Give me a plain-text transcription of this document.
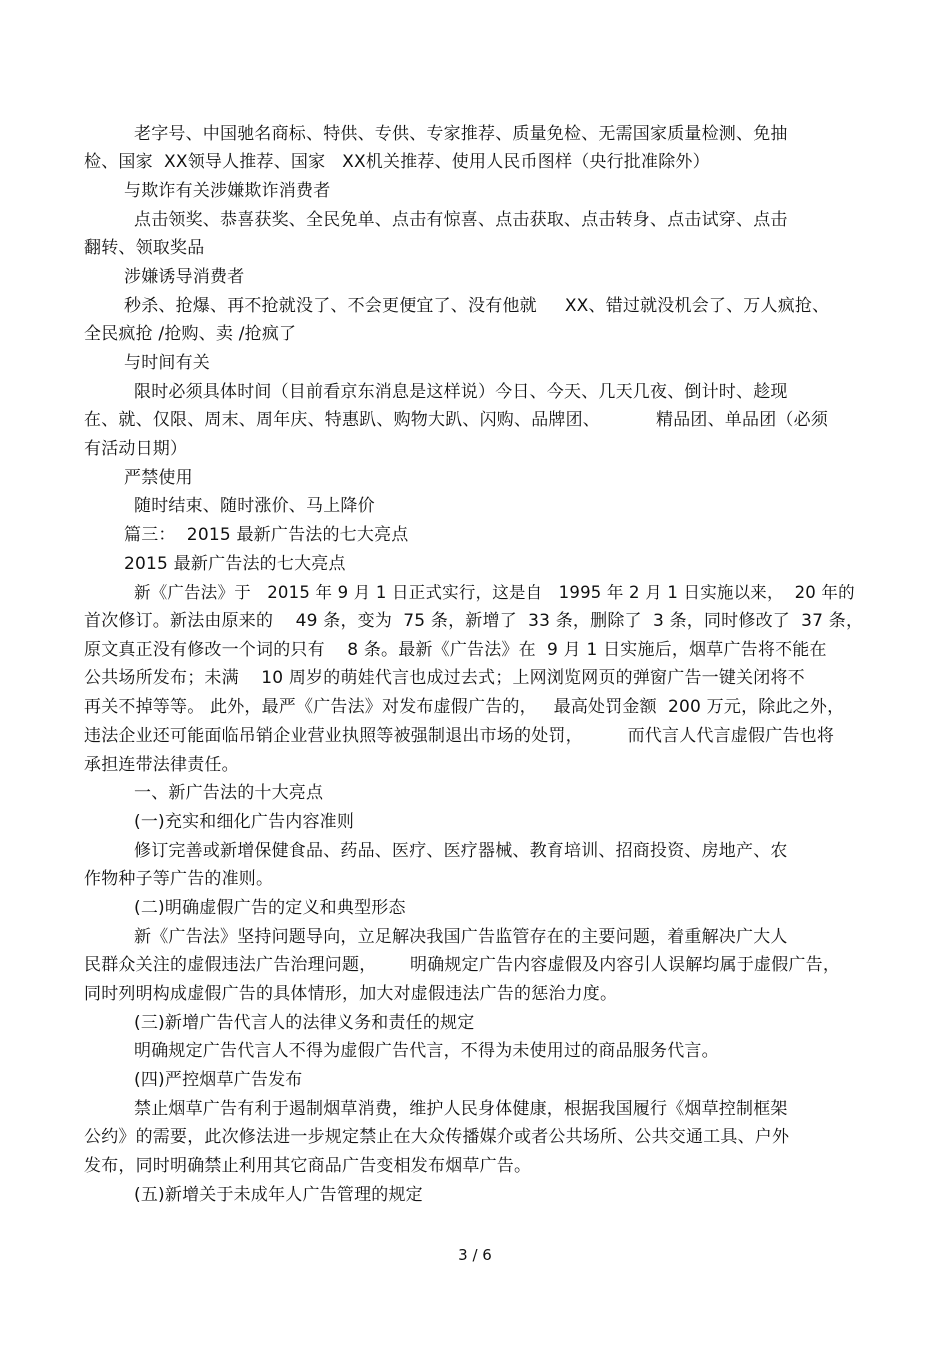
老字号、中国驰名商标、特供、专供、专家推荐、质量免检、无需国家质量检测、免抽
检、国家  XX领导人推荐、国家   XX机关推荐、使用人民币图样（央行批准除外）
与欺诈有关涉嫌欺诈消费者
点击领奖、恭喜获奖、全民免单、点击有惊喜、点击获取、点击转身、点击试穿、点击
翻转、领取奖品
涉嫌诱导消费者
秒杀、抢爆、再不抢就没了、不会更便宜了、没有他就     XX、错过就没机会了、万人疯抢、
全民疯抢 /抢购、卖 /抢疯了
与时间有关
限时必须具体时间（目前看京东消息是这样说）今日、今天、几天几夜、倒计时、趁现
在、就、仅限、周末、周年庆、特惠趴、购物大趴、闪购、品牌团、          精品团、单品团（必须
有活动日期）
严禁使用
随时结束、随时涨价、马上降价
篇三：  2015 最新广告法的七大亮点
2015 最新广告法的七大亮点
新《广告法》于   2015 年 9 月 1 日正式实行，这是自   1995 年 2 月 1 日实施以来，  20 年的
首次修订。新法由原来的    49 条，变为  75 条，新增了  33 条，删除了  3 条，同时修改了  37 条，
原文真正没有修改一个词的只有    8 条。最新《广告法》在  9 月 1 日实施后，烟草广告将不能在
公共场所发布；未满    10 周岁的萌娃代言也成过去式；上网浏览网页的弹窗广告一键关闭将不
再关不掉等等。 此外，最严《广告法》对发布虚假广告的，   最高处罚金额  200 万元，除此之外，
违法企业还可能面临吊销企业营业执照等被强制退出市场的处罚，        而代言人代言虚假广告也将
承担连带法律责任。
一、新广告法的十大亮点
(一)充实和细化广告内容准则
修订完善或新增保健食品、药品、医疗、医疗器械、教育培训、招商投资、房地产、农
作物种子等广告的准则。
(二)明确虚假广告的定义和典型形态
新《广告法》坚持问题导向，立足解决我国广告监管存在的主要问题，着重解决广大人
民群众关注的虚假违法广告治理问题，      明确规定广告内容虚假及内容引人误解均属于虚假广告，
同时列明构成虚假广告的具体情形，加大对虚假违法广告的惩治力度。
(三)新增广告代言人的法律义务和责任的规定
明确规定广告代言人不得为虚假广告代言，不得为未使用过的商品服务代言。
(四)严控烟草广告发布
禁止烟草广告有利于遏制烟草消费，维护人民身体健康，根据我国履行《烟草控制框架
公约》的需要，此次修法进一步规定禁止在大众传播媒介或者公共场所、公共交通工具、户外
发布，同时明确禁止利用其它商品广告变相发布烟草广告。
(五)新增关于未成年人广告管理的规定
3 / 6
